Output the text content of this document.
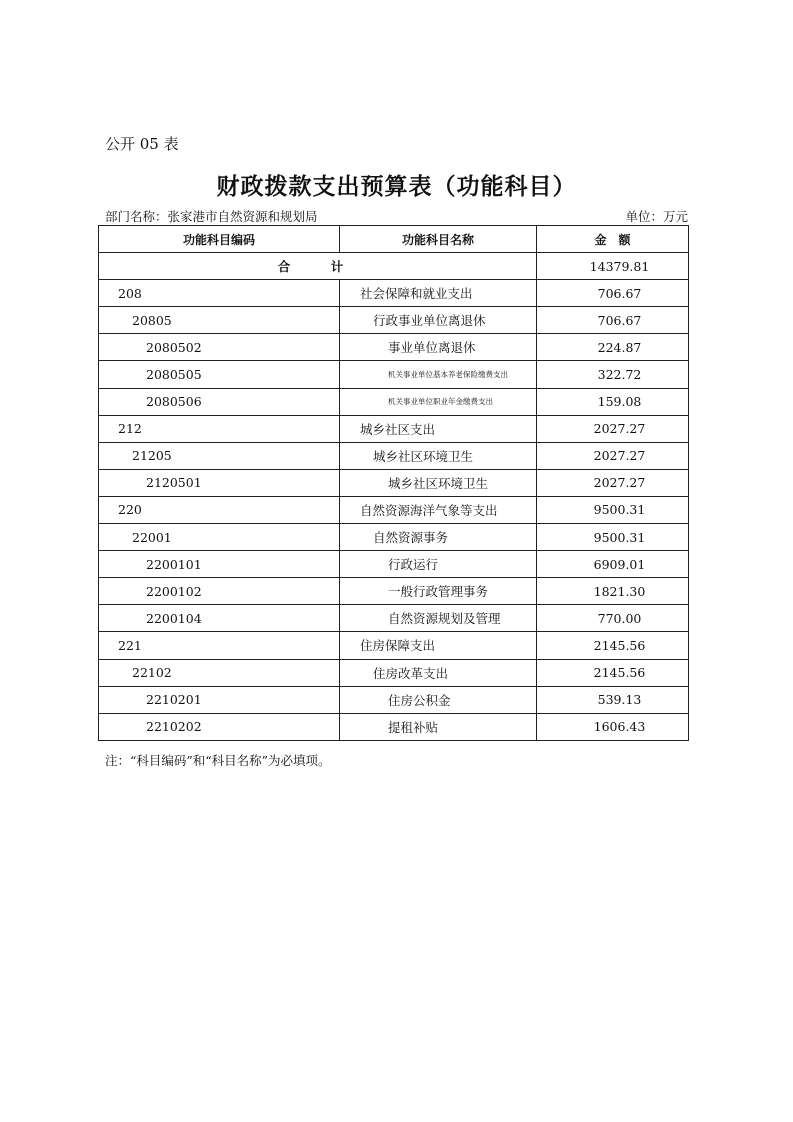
公开 05 表
财政拨款支出预算表（功能科目）
部门名称：张家港市自然资源和规划局	单位：万元
功能科目编码	功能科目名称	金　额
合　计		14379.81
208	社会保障和就业支出	706.67
20805	行政事业单位离退休	706.67
2080502	事业单位离退休	224.87
2080505	机关事业单位基本养老保险缴费支出	322.72
2080506	机关事业单位职业年金缴费支出	159.08
212	城乡社区支出	2027.27
21205	城乡社区环境卫生	2027.27
2120501	城乡社区环境卫生	2027.27
220	自然资源海洋气象等支出	9500.31
22001	自然资源事务	9500.31
2200101	行政运行	6909.01
2200102	一般行政管理事务	1821.30
2200104	自然资源规划及管理	770.00
221	住房保障支出	2145.56
22102	住房改革支出	2145.56
2210201	住房公积金	539.13
2210202	提租补贴	1606.43
注：“科目编码”和“科目名称”为必填项。
